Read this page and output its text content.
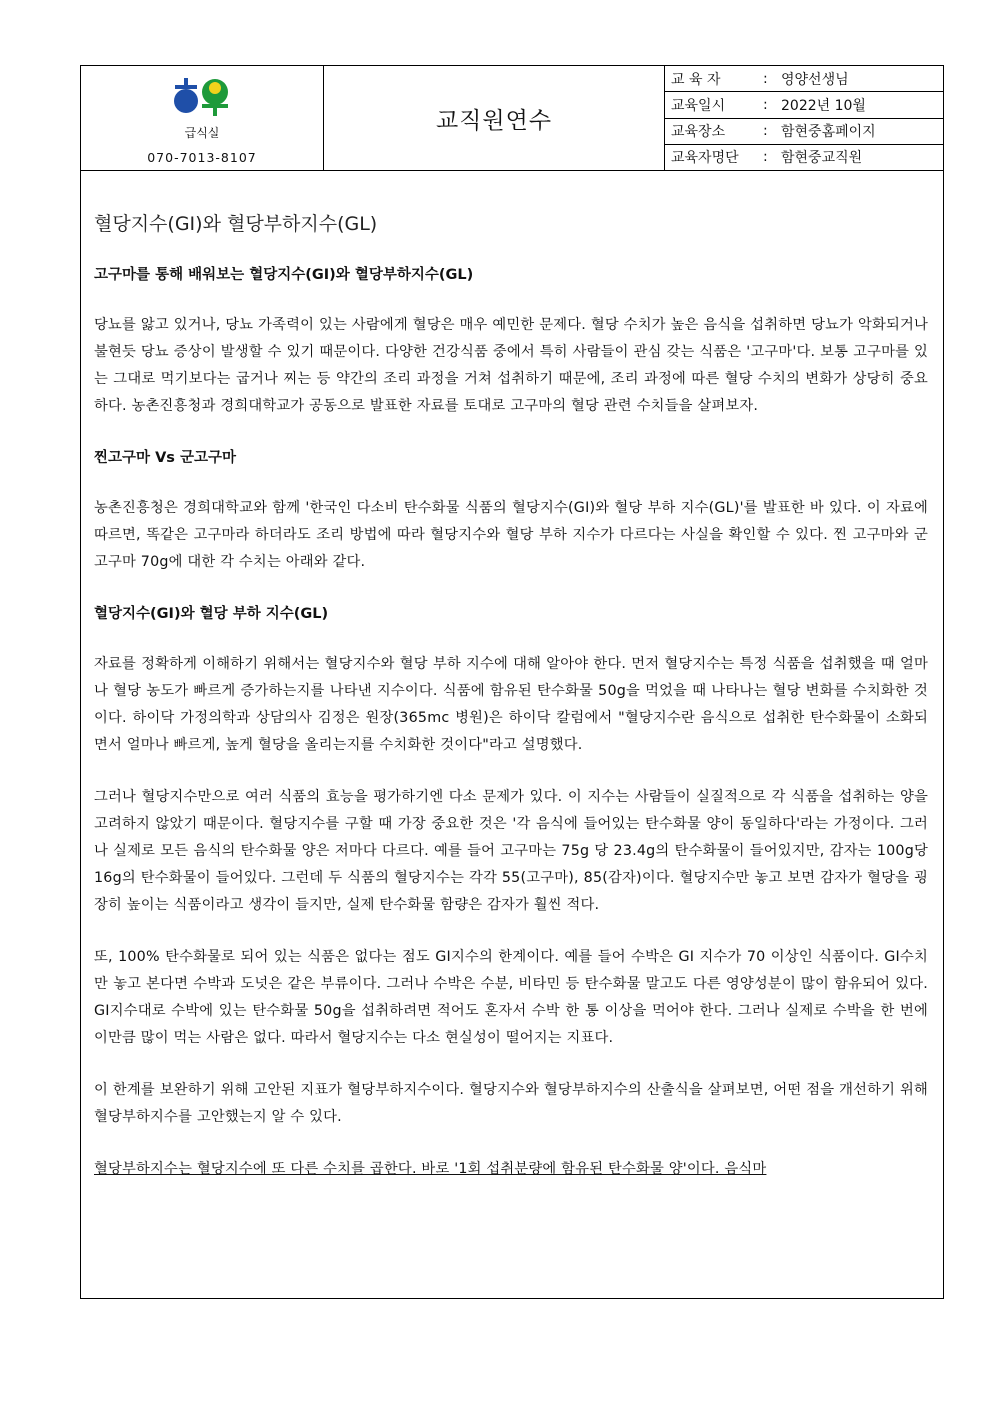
급식실
070-7013-8107
교직원연수
교 육 자	: 영양선생님
교육일시	: 2022년 10월
교육장소	: 함현중홈페이지
교육자명단	: 함현중교직원
혈당지수(GI)와 혈당부하지수(GL)
고구마를 통해 배워보는 혈당지수(GI)와 혈당부하지수(GL)
당뇨를 앓고 있거나, 당뇨 가족력이 있는 사람에게 혈당은 매우 예민한 문제다. 혈당 수치가 높은 음식을 섭취하면 당뇨가 악화되거나 불현듯 당뇨 증상이 발생할 수 있기 때문이다. 다양한 건강식품 중에서 특히 사람들이 관심 갖는 식품은 '고구마'다. 보통 고구마를 있는 그대로 먹기보다는 굽거나 찌는 등 약간의 조리 과정을 거쳐 섭취하기 때문에, 조리 과정에 따른 혈당 수치의 변화가 상당히 중요하다. 농촌진흥청과 경희대학교가 공동으로 발표한 자료를 토대로 고구마의 혈당 관련 수치들을 살펴보자.
찐고구마 Vs 군고구마
농촌진흥청은 경희대학교와 함께 '한국인 다소비 탄수화물 식품의 혈당지수(GI)와 혈당 부하 지수(GL)'를 발표한 바 있다. 이 자료에 따르면, 똑같은 고구마라 하더라도 조리 방법에 따라 혈당지수와 혈당 부하 지수가 다르다는 사실을 확인할 수 있다. 찐 고구마와 군고구마 70g에 대한 각 수치는 아래와 같다.
혈당지수(GI)와 혈당 부하 지수(GL)
자료를 정확하게 이해하기 위해서는 혈당지수와 혈당 부하 지수에 대해 알아야 한다. 먼저 혈당지수는 특정 식품을 섭취했을 때 얼마나 혈당 농도가 빠르게 증가하는지를 나타낸 지수이다. 식품에 함유된 탄수화물 50g을 먹었을 때 나타나는 혈당 변화를 수치화한 것이다. 하이닥 가정의학과 상담의사 김정은 원장(365mc 병원)은 하이닥 칼럼에서 "혈당지수란 음식으로 섭취한 탄수화물이 소화되면서 얼마나 빠르게, 높게 혈당을 올리는지를 수치화한 것이다"라고 설명했다.
그러나 혈당지수만으로 여러 식품의 효능을 평가하기엔 다소 문제가 있다. 이 지수는 사람들이 실질적으로 각 식품을 섭취하는 양을 고려하지 않았기 때문이다. 혈당지수를 구할 때 가장 중요한 것은 '각 음식에 들어있는 탄수화물 양이 동일하다'라는 가정이다. 그러나 실제로 모든 음식의 탄수화물 양은 저마다 다르다. 예를 들어 고구마는 75g 당 23.4g의 탄수화물이 들어있지만, 감자는 100g당 16g의 탄수화물이 들어있다. 그런데 두 식품의 혈당지수는 각각 55(고구마), 85(감자)이다. 혈당지수만 놓고 보면 감자가 혈당을 굉장히 높이는 식품이라고 생각이 들지만, 실제 탄수화물 함량은 감자가 훨씬 적다.
또, 100% 탄수화물로 되어 있는 식품은 없다는 점도 GI지수의 한계이다. 예를 들어 수박은 GI 지수가 70 이상인 식품이다. GI수치만 놓고 본다면 수박과 도넛은 같은 부류이다. 그러나 수박은 수분, 비타민 등 탄수화물 말고도 다른 영양성분이 많이 함유되어 있다. GI지수대로 수박에 있는 탄수화물 50g을 섭취하려면 적어도 혼자서 수박 한 통 이상을 먹어야 한다. 그러나 실제로 수박을 한 번에 이만큼 많이 먹는 사람은 없다. 따라서 혈당지수는 다소 현실성이 떨어지는 지표다.
이 한계를 보완하기 위해 고안된 지표가 혈당부하지수이다. 혈당지수와 혈당부하지수의 산출식을 살펴보면, 어떤 점을 개선하기 위해 혈당부하지수를 고안했는지 알 수 있다.
혈당부하지수는 혈당지수에 또 다른 수치를 곱한다. 바로 '1회 섭취분량에 함유된 탄수화물 양'이다. 음식마
